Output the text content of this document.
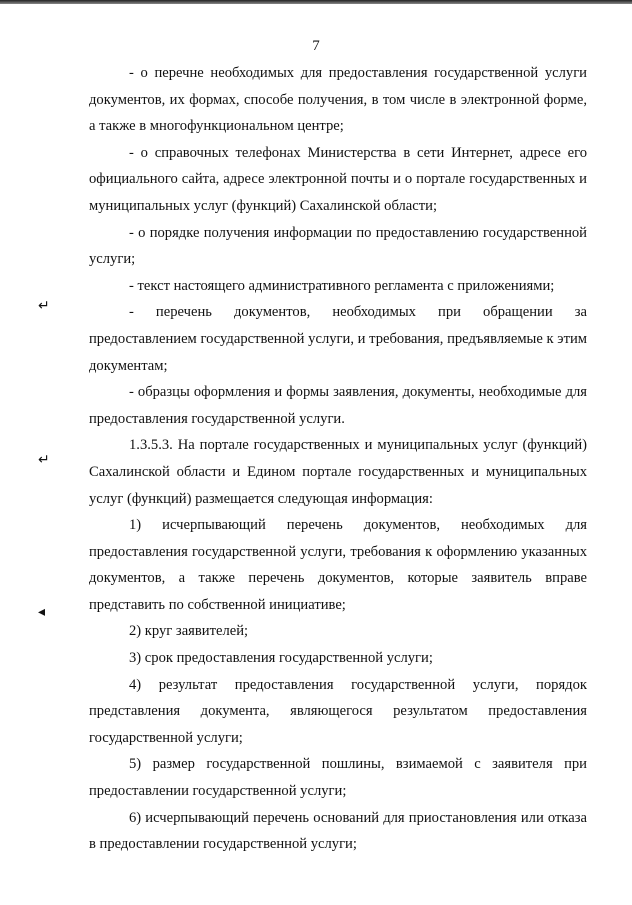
7
↵
↵
◂

- о перечне необходимых для предоставления государственной услуги документов, их формах, способе получения, в том числе в электронной форме, а также в многофункциональном центре;

- о справочных телефонах Министерства в сети Интернет, адресе его официального сайта, адресе электронной почты и о портале государственных и муниципальных услуг (функций) Сахалинской области;

- о порядке получения информации по предоставлению государственной услуги;

- текст настоящего административного регламента с приложениями;

- перечень документов, необходимых при обращении за предоставлением государственной услуги, и требования, предъявляемые к этим документам;

- образцы оформления и формы заявления, документы, необходимые для предоставления государственной услуги.

1.3.5.3. На портале государственных и муниципальных услуг (функций) Сахалинской области и Едином портале государственных и муниципальных услуг (функций) размещается следующая информация:

1) исчерпывающий перечень документов, необходимых для предоставления государственной услуги, требования к оформлению указанных документов, а также перечень документов, которые заявитель вправе представить по собственной инициативе;

2) круг заявителей;

3) срок предоставления государственной услуги;

4) результат предоставления государственной услуги, порядок представления документа, являющегося результатом предоставления государственной услуги;

5) размер государственной пошлины, взимаемой с заявителя при предоставлении государственной услуги;

6) исчерпывающий перечень оснований для приостановления или отказа в предоставлении государственной услуги;
